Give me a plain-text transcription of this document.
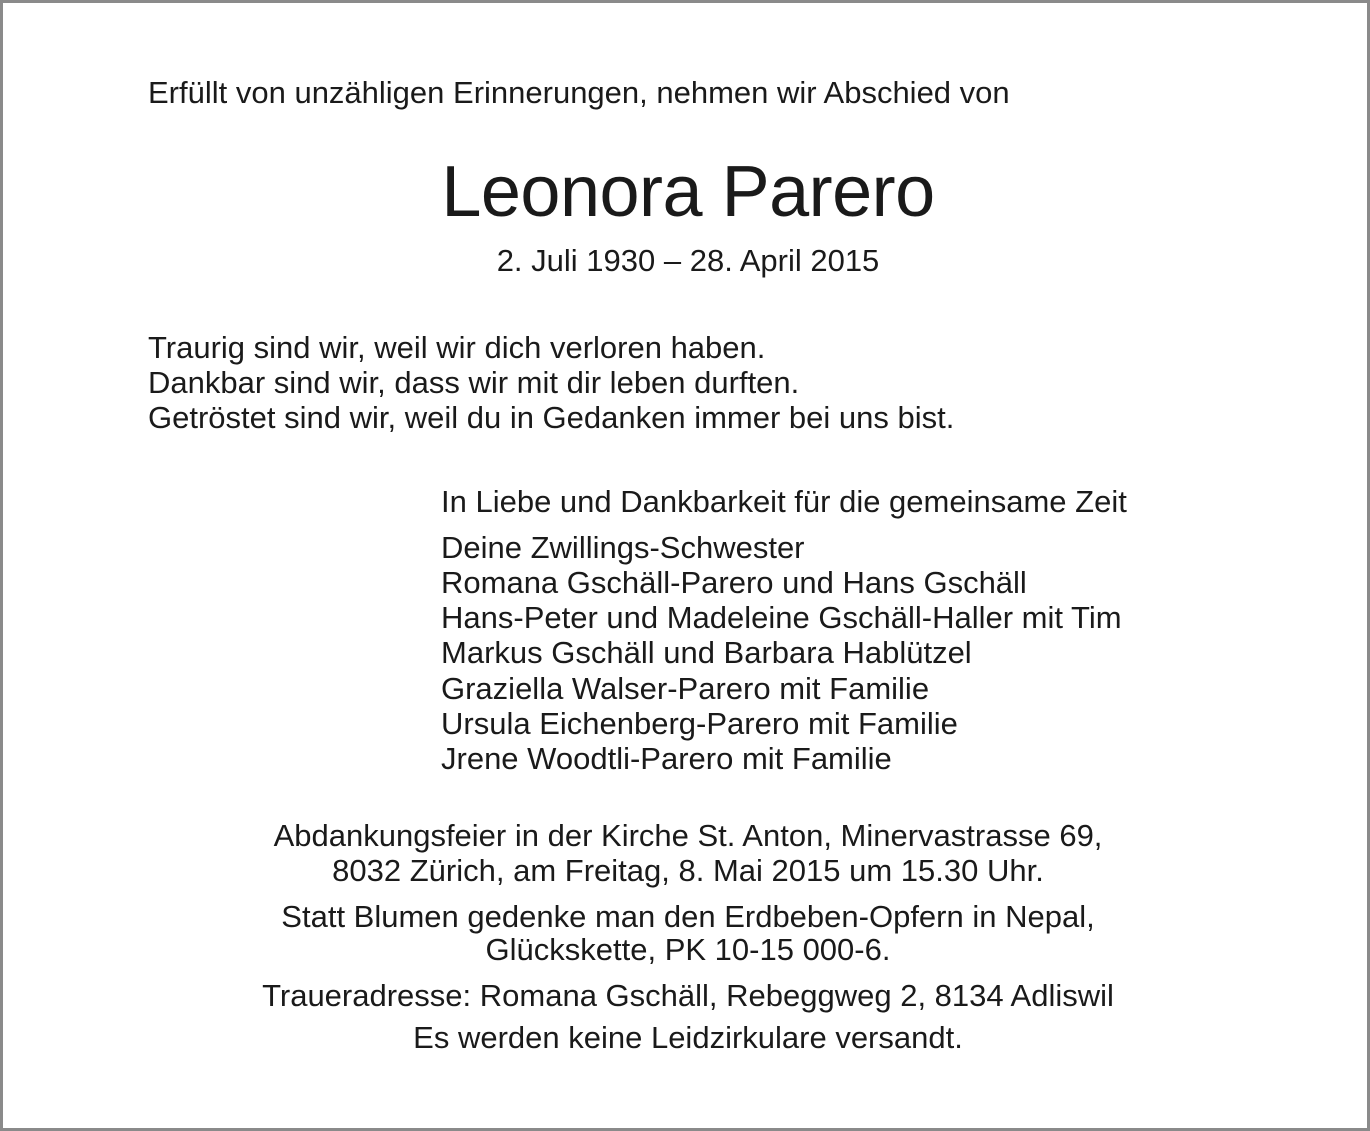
Erfüllt von unzähligen Erinnerungen, nehmen wir Abschied von
Leonora Parero
2. Juli 1930 – 28. April 2015
Traurig sind wir, weil wir dich verloren haben.
Dankbar sind wir, dass wir mit dir leben durften.
Getröstet sind wir, weil du in Gedanken immer bei uns bist.
In Liebe und Dankbarkeit für die gemeinsame Zeit
Deine Zwillings-Schwester
Romana Gschäll-Parero und Hans Gschäll
Hans-Peter und Madeleine Gschäll-Haller mit Tim
Markus Gschäll und Barbara Hablützel
Graziella Walser-Parero mit Familie
Ursula Eichenberg-Parero mit Familie
Jrene Woodtli-Parero mit Familie
Abdankungsfeier in der Kirche St. Anton, Minervastrasse 69,
8032 Zürich, am Freitag, 8. Mai 2015 um 15.30 Uhr.
Statt Blumen gedenke man den Erdbeben-Opfern in Nepal,
Glückskette, PK 10-15 000-6.
Traueradresse: Romana Gschäll, Rebeggweg 2, 8134 Adliswil
Es werden keine Leidzirkulare versandt.
